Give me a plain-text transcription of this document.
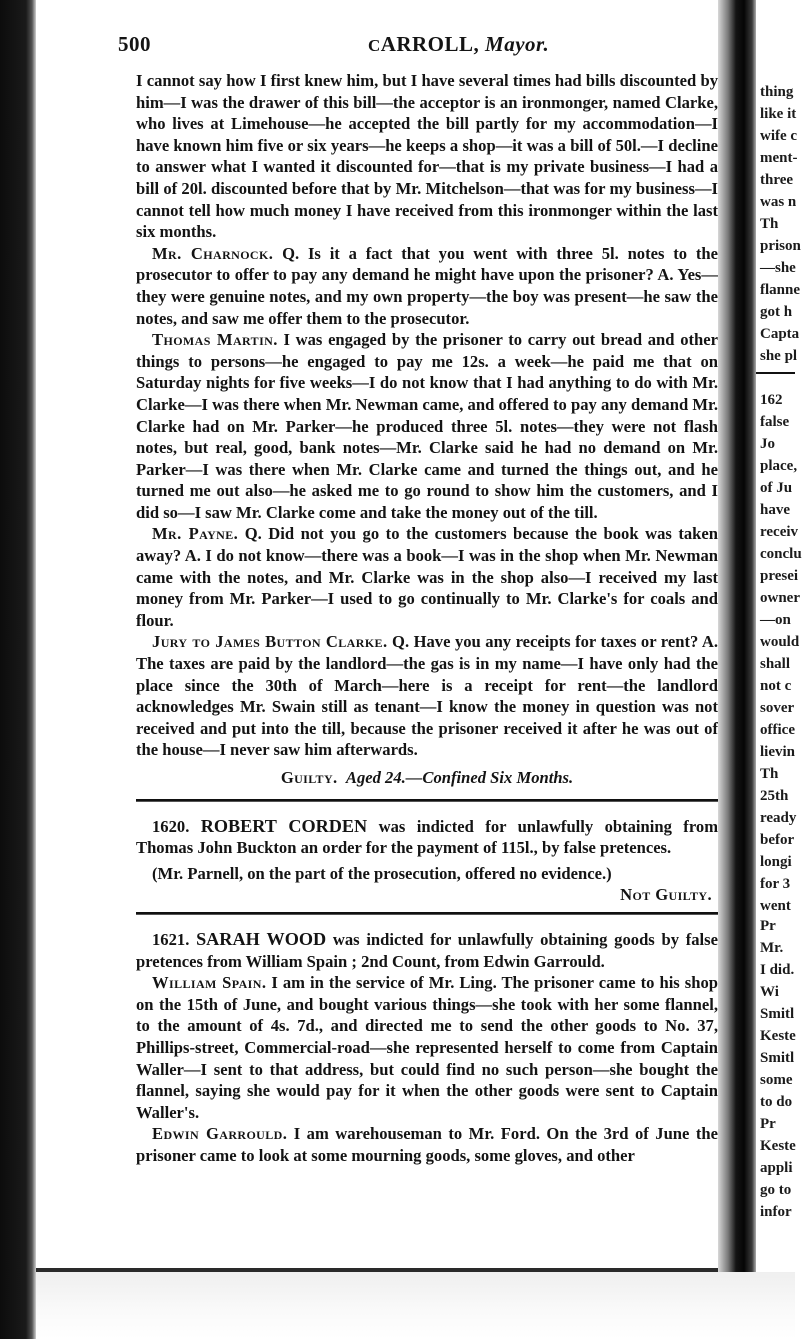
500	CARROLL, Mayor.

I cannot say how I first knew him, but I have several times had bills discounted by him—I was the drawer of this bill—the acceptor is an ironmonger, named Clarke, who lives at Limehouse—he accepted the bill partly for my accommodation—I have known him five or six years—he keeps a shop—it was a bill of 50l.—I decline to answer what I wanted it discounted for—that is my private business—I had a bill of 20l. discounted before that by Mr. Mitchelson—that was for my business—I cannot tell how much money I have received from this ironmonger within the last six months.

Mr. Charnock. Q. Is it a fact that you went with three 5l. notes to the prosecutor to offer to pay any demand he might have upon the prisoner? A. Yes—they were genuine notes, and my own property—the boy was present—he saw the notes, and saw me offer them to the prosecutor.

Thomas Martin. I was engaged by the prisoner to carry out bread and other things to persons—he engaged to pay me 12s. a week—he paid me that on Saturday nights for five weeks—I do not know that I had anything to do with Mr. Clarke—I was there when Mr. Newman came, and offered to pay any demand Mr. Clarke had on Mr. Parker—he produced three 5l. notes—they were not flash notes, but real, good, bank notes—Mr. Clarke said he had no demand on Mr. Parker—I was there when Mr. Clarke came and turned the things out, and he turned me out also—he asked me to go round to show him the customers, and I did so—I saw Mr. Clarke come and take the money out of the till.

Mr. Payne. Q. Did not you go to the customers because the book was taken away? A. I do not know—there was a book—I was in the shop when Mr. Newman came with the notes, and Mr. Clarke was in the shop also—I received my last money from Mr. Parker—I used to go continually to Mr. Clarke's for coals and flour.

Jury to James Button Clarke. Q. Have you any receipts for taxes or rent? A. The taxes are paid by the landlord—the gas is in my name—I have only had the place since the 30th of March—here is a receipt for rent—the landlord acknowledges Mr. Swain still as tenant—I know the money in question was not received and put into the till, because the prisoner received it after he was out of the house—I never saw him afterwards.

Guilty. Aged 24.—Confined Six Months.

1620. ROBERT CORDEN was indicted for unlawfully obtaining from Thomas John Buckton an order for the payment of 115l., by false pretences.

(Mr. Parnell, on the part of the prosecution, offered no evidence.)

Not Guilty.

1621. SARAH WOOD was indicted for unlawfully obtaining goods by false pretences from William Spain ; 2nd Count, from Edwin Garrould.

William Spain. I am in the service of Mr. Ling. The prisoner came to his shop on the 15th of June, and bought various things—she took with her some flannel, to the amount of 4s. 7d., and directed me to send the other goods to No. 37, Phillips-street, Commercial-road—she represented herself to come from Captain Waller—I sent to that address, but could find no such person—she bought the flannel, saying she would pay for it when the other goods were sent to Captain Waller's.

Edwin Garrould. I am warehouseman to Mr. Ford. On the 3rd of June the prisoner came to look at some mourning goods, some gloves, and other

thing
like it
wife c
ment-
three
was n
Th
prison
—she
flanne
got h
Capta
she pl
162
false
Jo
place,
of Ju
have
receiv
conclu
presei
owner
—on
would
shall
not c
sover
office
lievin
Th
25th
ready
befor
longi
for 3
went
Pr
Mr.
I did.
Wi
Smitl
Keste
Smitl
some
to do
Pr
Keste
appli
go to
infor
